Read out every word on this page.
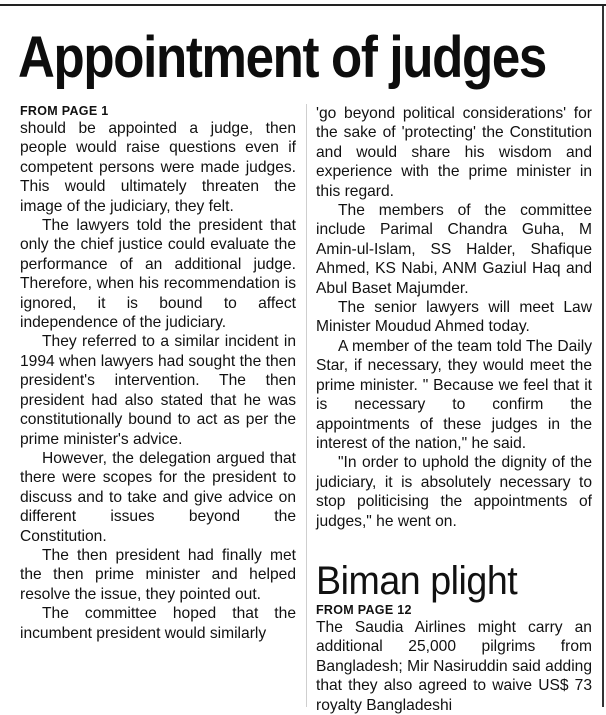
Appointment of judges

FROM PAGE 1

should be appointed a judge, then people would raise questions even if competent persons were made judges. This would ultimately threaten the image of the judiciary, they felt.

The lawyers told the president that only the chief justice could evaluate the performance of an additional judge. Therefore, when his recommendation is ignored, it is bound to affect independence of the judiciary.

They referred to a similar incident in 1994 when lawyers had sought the then president's intervention. The then president had also stated that he was constitutionally bound to act as per the prime minister's advice.

However, the delegation argued that there were scopes for the president to discuss and to take and give advice on different issues beyond the Constitution.

The then president had finally met the then prime minister and helped resolve the issue, they pointed out.

The committee hoped that the incumbent president would similarly

'go beyond political considerations' for the sake of 'protecting' the Constitution and would share his wisdom and experience with the prime minister in this regard.

The members of the committee include Parimal Chandra Guha, M Amin-ul-Islam, SS Halder, Shafique Ahmed, KS Nabi, ANM Gaziul Haq and Abul Baset Majumder.

The senior lawyers will meet Law Minister Moudud Ahmed today.

A member of the team told The Daily Star, if necessary, they would meet the prime minister. " Because we feel that it is necessary to confirm the appointments of these judges in the interest of the nation," he said.

"In order to uphold the dignity of the judiciary, it is absolutely necessary to stop politicising the appointments of judges," he went on.

Biman plight

FROM PAGE 12

The Saudia Airlines might carry an additional 25,000 pilgrims from Bangladesh; Mir Nasiruddin said adding that they also agreed to waive US$ 73 royalty Bangladeshi
